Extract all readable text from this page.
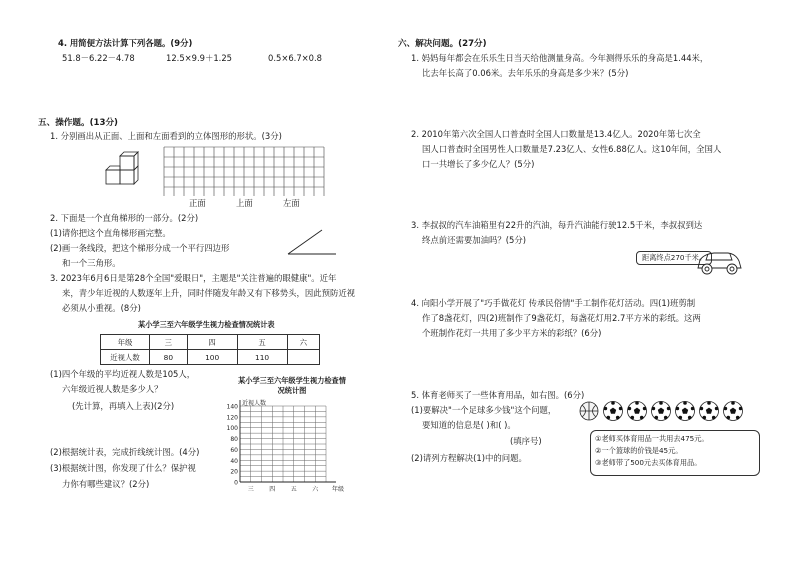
4. 用简便方法计算下列各题。(9分)
51.8－6.22－4.78	12.5×9.9＋1.25	0.5×6.7×0.8
五、操作题。(13分)
1. 分别画出从正面、上面和左面看到的立体图形的形状。(3分)
正面	上面	左面
2. 下面是一个直角梯形的一部分。(2分)
(1)请你把这个直角梯形画完整。
(2)画一条线段，把这个梯形分成一个平行四边形
和一个三角形。
3. 2023年6月6日是第28个全国"爱眼日"，主题是"关注普遍的眼健康"。近年
来，青少年近视的人数逐年上升，同时伴随发年龄又有下移势头，因此预防近视
必须从小重视。(8分)
某小学三至六年级学生视力检查情况统计表
年级	三	四	五	六
近视人数	80	100	110	
(1)四个年级的平均近视人数是105人，
六年级近视人数是多少人？
(先计算，再填入上表)(2分)
(2)根据统计表，完成折线统计图。(4分)
(3)根据统计图，你发现了什么？保护视
力你有哪些建议？(2分)
某小学三至六年级学生视力检查情况统计图
0
20
40
60
80
100
120
140
三	四	五	六
近视人数
年级
六、解决问题。(27分)
1. 妈妈每年都会在乐乐生日当天给他测量身高。今年测得乐乐的身高是1.44米，
比去年长高了0.06米。去年乐乐的身高是多少米？(5分)
2. 2010年第六次全国人口普查时全国人口数量是13.4亿人。2020年第七次全
国人口普查时全国男性人口数量是7.23亿人、女性6.88亿人。这10年间，全国人
口一共增长了多少亿人？(5分)
3. 李叔叔的汽车油箱里有22升的汽油，每升汽油能行驶12.5千米，李叔叔到达
终点前还需要加油吗？(5分)
距离终点270千米。
4. 向阳小学开展了"巧手做花灯 传承民俗情"手工制作花灯活动。四(1)班剪制
作了8盏花灯，四(2)班制作了9盏花灯，每盏花灯用2.7平方米的彩纸。这两
个班制作花灯一共用了多少平方米的彩纸？(6分)
5. 体育老师买了一些体育用品，如右图。(6分)
(1)要解决"一个足球多少钱"这个问题，
要知道的信息是( )和( )。
(填序号)
(2)请列方程解决(1)中的问题。
①老师买体育用品一共用去475元。
②一个篮球的价钱是45元。
③老师带了500元去买体育用品。
